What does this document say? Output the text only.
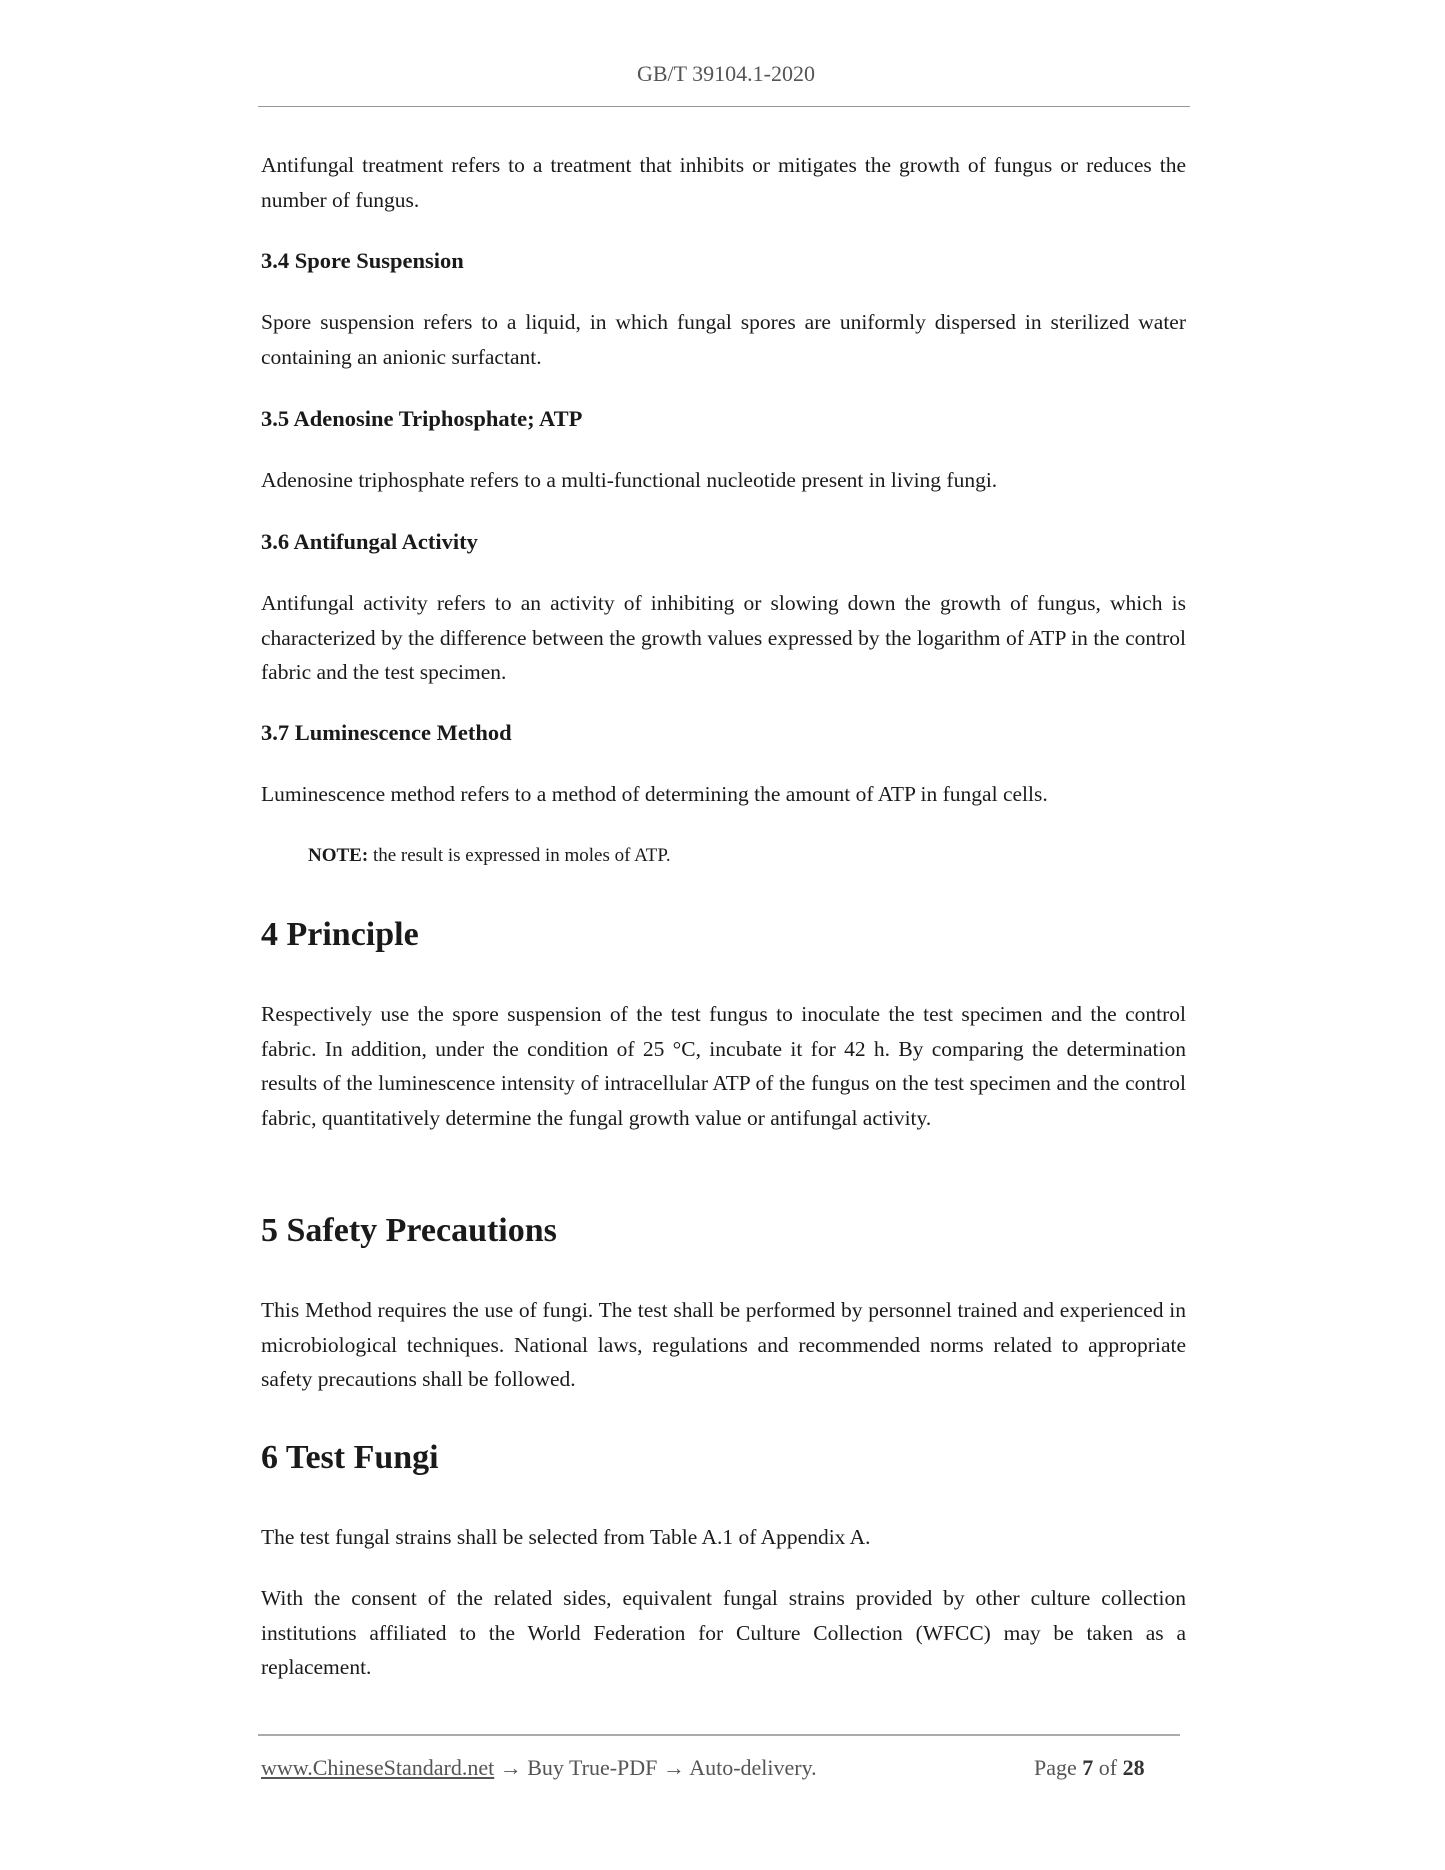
GB/T 39104.1-2020

Antifungal treatment refers to a treatment that inhibits or mitigates the growth of fungus or reduces the number of fungus.

3.4 Spore Suspension

Spore suspension refers to a liquid, in which fungal spores are uniformly dispersed in sterilized water containing an anionic surfactant.

3.5 Adenosine Triphosphate; ATP

Adenosine triphosphate refers to a multi-functional nucleotide present in living fungi.

3.6 Antifungal Activity

Antifungal activity refers to an activity of inhibiting or slowing down the growth of fungus, which is characterized by the difference between the growth values expressed by the logarithm of ATP in the control fabric and the test specimen.

3.7 Luminescence Method

Luminescence method refers to a method of determining the amount of ATP in fungal cells.

NOTE: the result is expressed in moles of ATP.
4 Principle

Respectively use the spore suspension of the test fungus to inoculate the test specimen and the control fabric. In addition, under the condition of 25 °C, incubate it for 42 h. By comparing the determination results of the luminescence intensity of intracellular ATP of the fungus on the test specimen and the control fabric, quantitatively determine the fungal growth value or antifungal activity.

5 Safety Precautions

This Method requires the use of fungi. The test shall be performed by personnel trained and experienced in microbiological techniques. National laws, regulations and recommended norms related to appropriate safety precautions shall be followed.

6 Test Fungi

The test fungal strains shall be selected from Table A.1 of Appendix A.

With the consent of the related sides, equivalent fungal strains provided by other culture collection institutions affiliated to the World Federation for Culture Collection (WFCC) may be taken as a replacement.

www.ChineseStandard.net → Buy True-PDF → Auto-delivery.	Page 7 of 28
